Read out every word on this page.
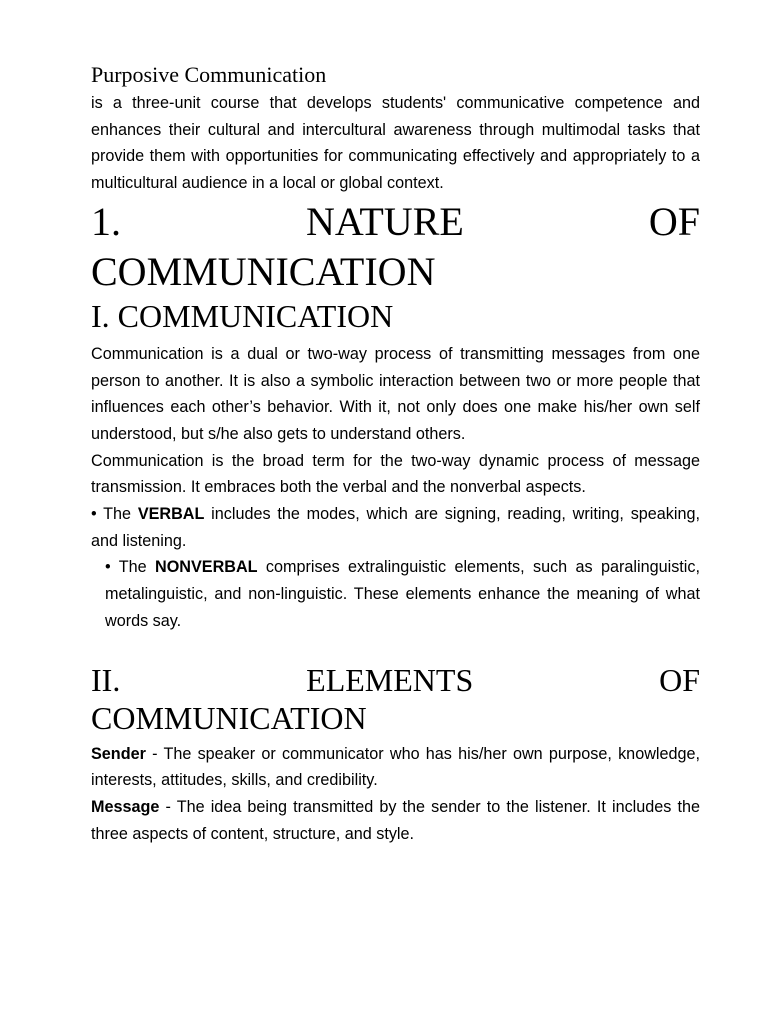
Purposive Communication

is a three-unit course that develops students' communicative competence and enhances their cultural and intercultural awareness through multimodal tasks that provide them with opportunities for communicating effectively and appropriately to a multicultural audience in a local or global context.

1.	NATURE	OF
COMMUNICATION
I. COMMUNICATION

Communication is a dual or two-way process of transmitting messages from one person to another. It is also a symbolic interaction between two or more people that influences each other’s behavior. With it, not only does one make his/her own self understood, but s/he also gets to understand others.

Communication is the broad term for the two-way dynamic process of message transmission. It embraces both the verbal and the nonverbal aspects.

• The VERBAL includes the modes, which are signing, reading, writing, speaking, and listening.

• The NONVERBAL comprises extralinguistic elements, such as paralinguistic, metalinguistic, and non-linguistic. These elements enhance the meaning of what words say.

II.	ELEMENTS	OF
COMMUNICATION

Sender - The speaker or communicator who has his/her own purpose, knowledge, interests, attitudes, skills, and credibility.

Message - The idea being transmitted by the sender to the listener. It includes the three aspects of content, structure, and style.
